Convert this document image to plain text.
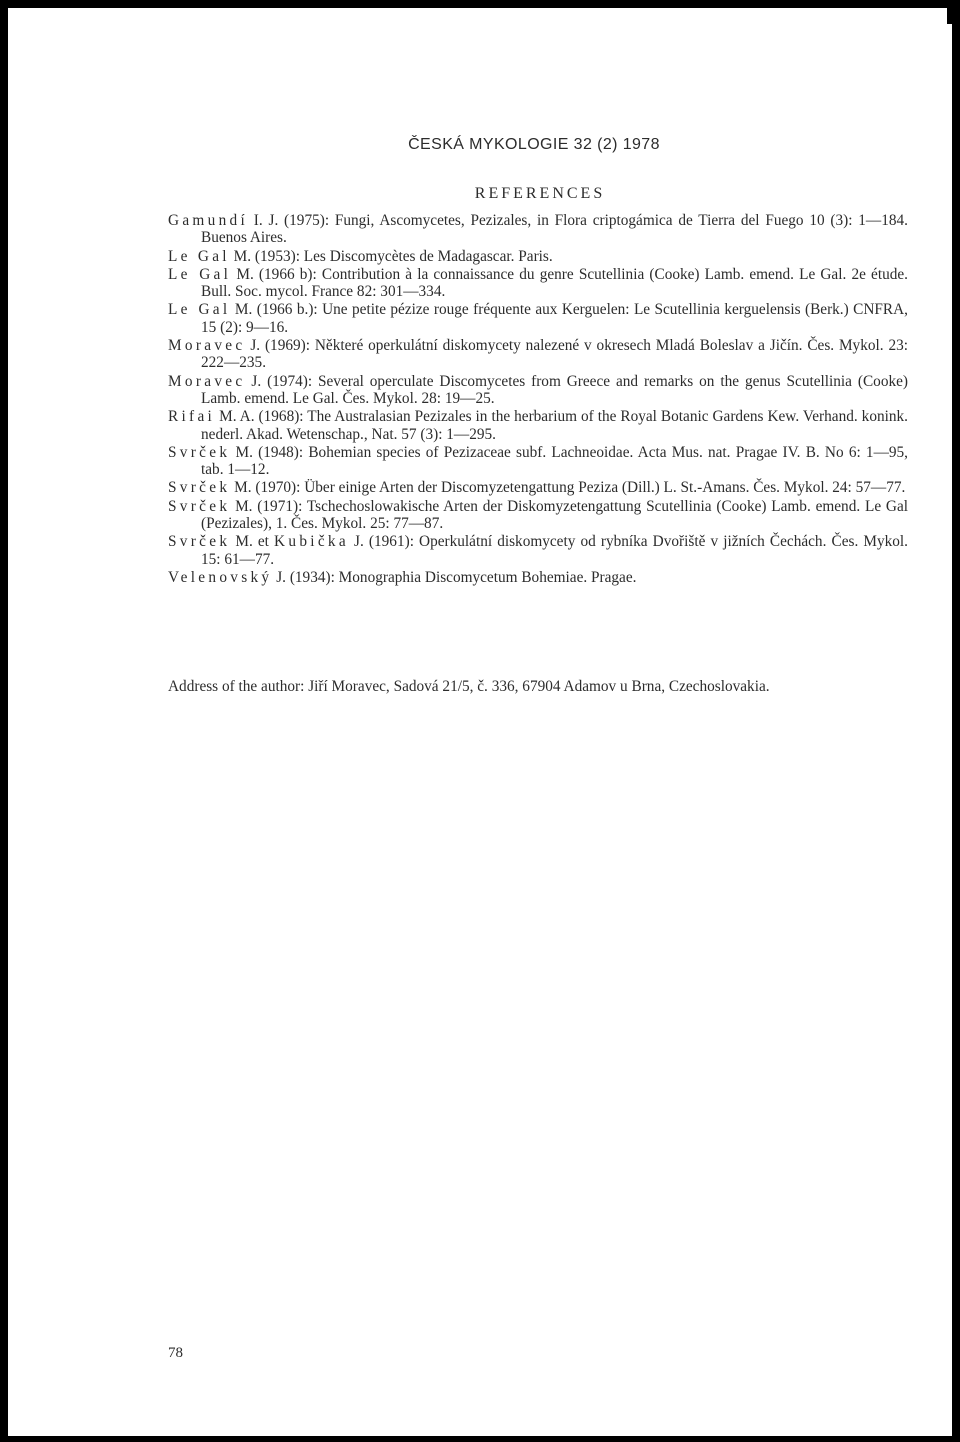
ČESKÁ MYKOLOGIE 32 (2) 1978
REFERENCES

Gamundí I. J. (1975): Fungi, Ascomycetes, Pezizales, in Flora criptogámica de Tierra del Fuego 10 (3): 1—184. Buenos Aires.

Le Gal M. (1953): Les Discomycètes de Madagascar. Paris.

Le Gal M. (1966 b): Contribution à la connaissance du genre Scutellinia (Cooke) Lamb. emend. Le Gal. 2e étude. Bull. Soc. mycol. France 82: 301—334.

Le Gal M. (1966 b.): Une petite pézize rouge fréquente aux Kerguelen: Le Scutellinia kerguelensis (Berk.) CNFRA, 15 (2): 9—16.

Moravec J. (1969): Některé operkulátní diskomycety nalezené v okresech Mladá Boleslav a Jičín. Čes. Mykol. 23: 222—235.

Moravec J. (1974): Several operculate Discomycetes from Greece and remarks on the genus Scutellinia (Cooke) Lamb. emend. Le Gal. Čes. Mykol. 28: 19—25.

Rifai M. A. (1968): The Australasian Pezizales in the herbarium of the Royal Botanic Gardens Kew. Verhand. konink. nederl. Akad. Wetenschap., Nat. 57 (3): 1—295.

Svrček M. (1948): Bohemian species of Pezizaceae subf. Lachneoidae. Acta Mus. nat. Pragae IV. B. No 6: 1—95, tab. 1—12.

Svrček M. (1970): Über einige Arten der Discomyzetengattung Peziza (Dill.) L. St.-Amans. Čes. Mykol. 24: 57—77.

Svrček M. (1971): Tschechoslowakische Arten der Diskomyzetengattung Scutellinia (Cooke) Lamb. emend. Le Gal (Pezizales), 1. Čes. Mykol. 25: 77—87.

Svrček M. et Kubička J. (1961): Operkulátní diskomycety od rybníka Dvořiště v jižních Čechách. Čes. Mykol. 15: 61—77.

Velenovský J. (1934): Monographia Discomycetum Bohemiae. Pragae.

Address of the author: Jiří Moravec, Sadová 21/5, č. 336, 67904 Adamov u Brna, Czechoslovakia.

78
